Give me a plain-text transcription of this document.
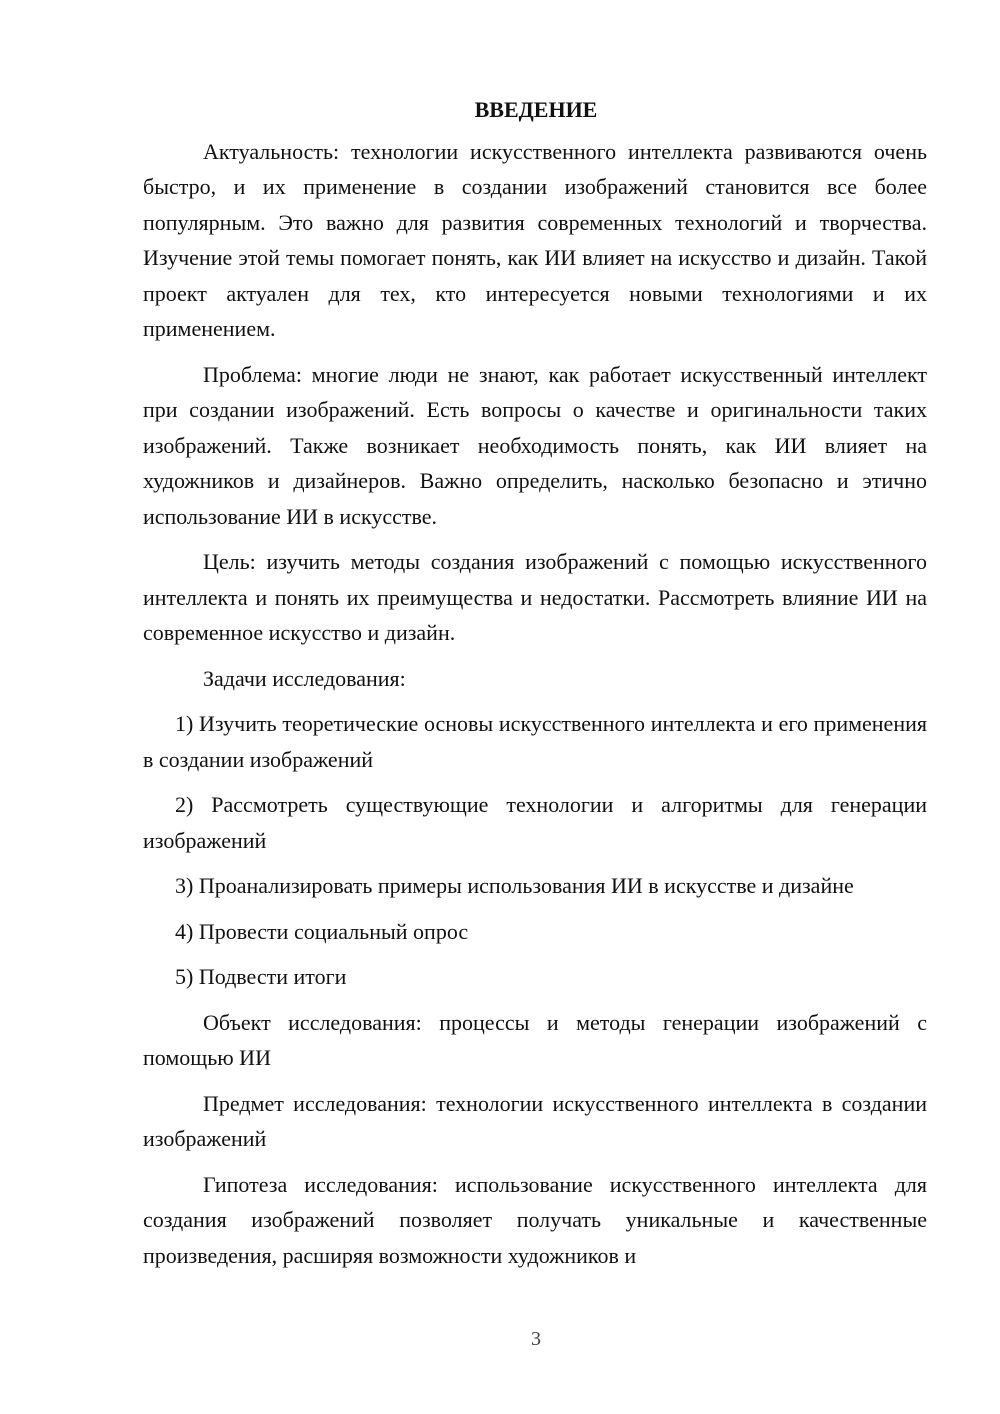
ВВЕДЕНИЕ

Актуальность: технологии искусственного интеллекта развиваются очень быстро, и их применение в создании изображений становится все более популярным. Это важно для развития современных технологий и творчества. Изучение этой темы помогает понять, как ИИ влияет на искусство и дизайн. Такой проект актуален для тех, кто интересуется новыми технологиями и их применением.

Проблема: многие люди не знают, как работает искусственный интеллект при создании изображений. Есть вопросы о качестве и оригинальности таких изображений. Также возникает необходимость понять, как ИИ влияет на художников и дизайнеров. Важно определить, насколько безопасно и этично использование ИИ в искусстве.

Цель: изучить методы создания изображений с помощью искусственного интеллекта и понять их преимущества и недостатки. Рассмотреть влияние ИИ на современное искусство и дизайн.

Задачи исследования:

1) Изучить теоретические основы искусственного интеллекта и его применения в создании изображений

2) Рассмотреть существующие технологии и алгоритмы для генерации изображений

3) Проанализировать примеры использования ИИ в искусстве и дизайне

4) Провести социальный опрос

5) Подвести итоги

Объект исследования: процессы и методы генерации изображений с помощью ИИ

Предмет исследования: технологии искусственного интеллекта в создании изображений

Гипотеза исследования: использование искусственного интеллекта для создания изображений позволяет получать уникальные и качественные произведения, расширяя возможности художников и

3
